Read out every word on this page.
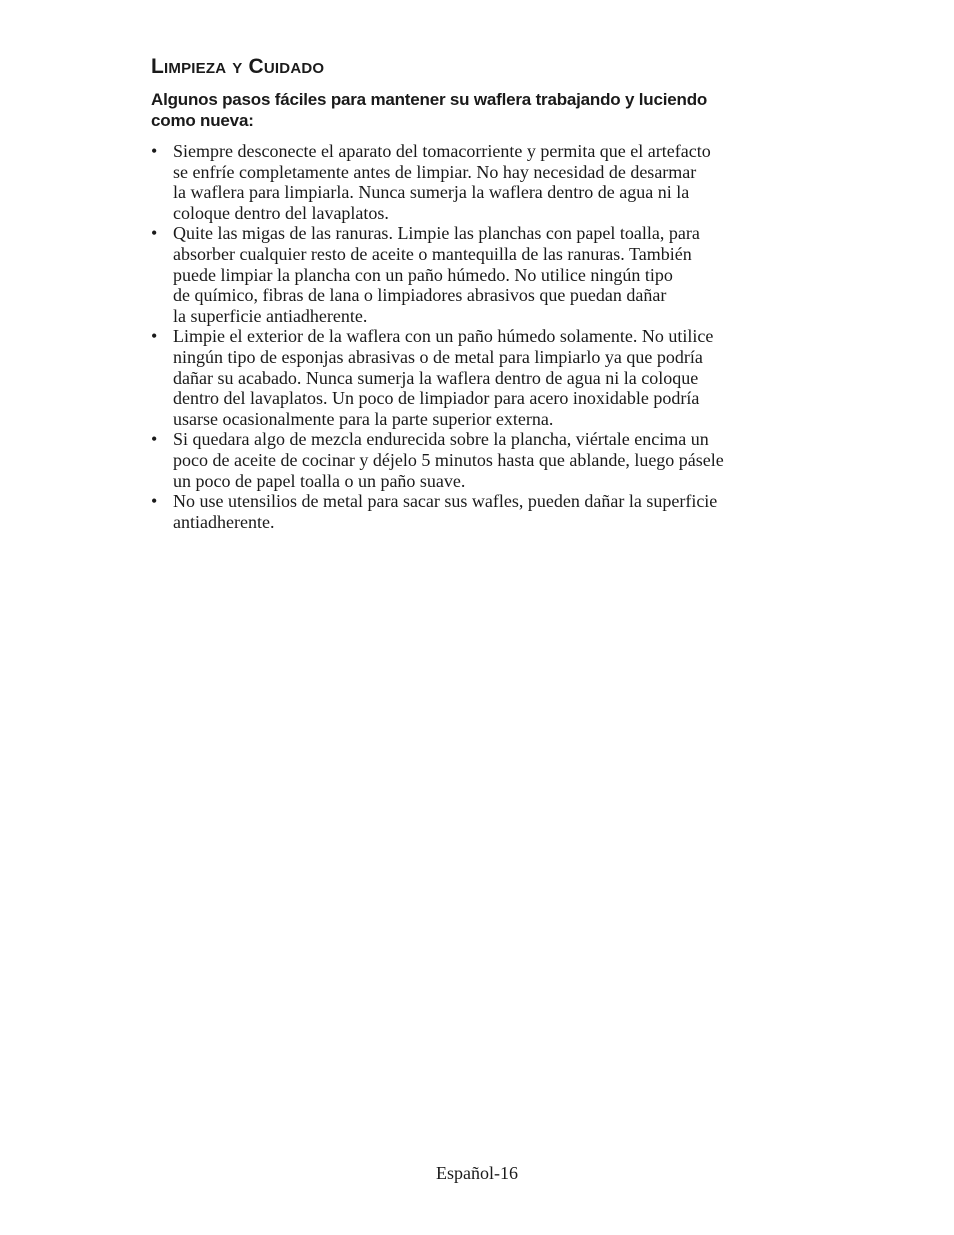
Limpieza y Cuidado
Algunos pasos fáciles para mantener su waflera trabajando y luciendo
como nueva:
• Siempre desconecte el aparato del tomacorriente y permita que el artefacto
se enfríe completamente antes de limpiar. No hay necesidad de desarmar
la waflera para limpiarla. Nunca sumerja la waflera dentro de agua ni la
coloque dentro del lavaplatos.
• Quite las migas de las ranuras. Limpie las planchas con papel toalla, para
absorber cualquier resto de aceite o mantequilla de las ranuras. También
puede limpiar la plancha con un paño húmedo. No utilice ningún tipo
de químico, fibras de lana o limpiadores abrasivos que puedan dañar
la superficie antiadherente.
• Limpie el exterior de la waflera con un paño húmedo solamente. No utilice
ningún tipo de esponjas abrasivas o de metal para limpiarlo ya que podría
dañar su acabado. Nunca sumerja la waflera dentro de agua ni la coloque
dentro del lavaplatos. Un poco de limpiador para acero inoxidable podría
usarse ocasionalmente para la parte superior externa.
• Si quedara algo de mezcla endurecida sobre la plancha, viértale encima un
poco de aceite de cocinar y déjelo 5 minutos hasta que ablande, luego pásele
un poco de papel toalla o un paño suave.
• No use utensilios de metal para sacar sus wafles, pueden dañar la superficie
antiadherente.
Español-16
